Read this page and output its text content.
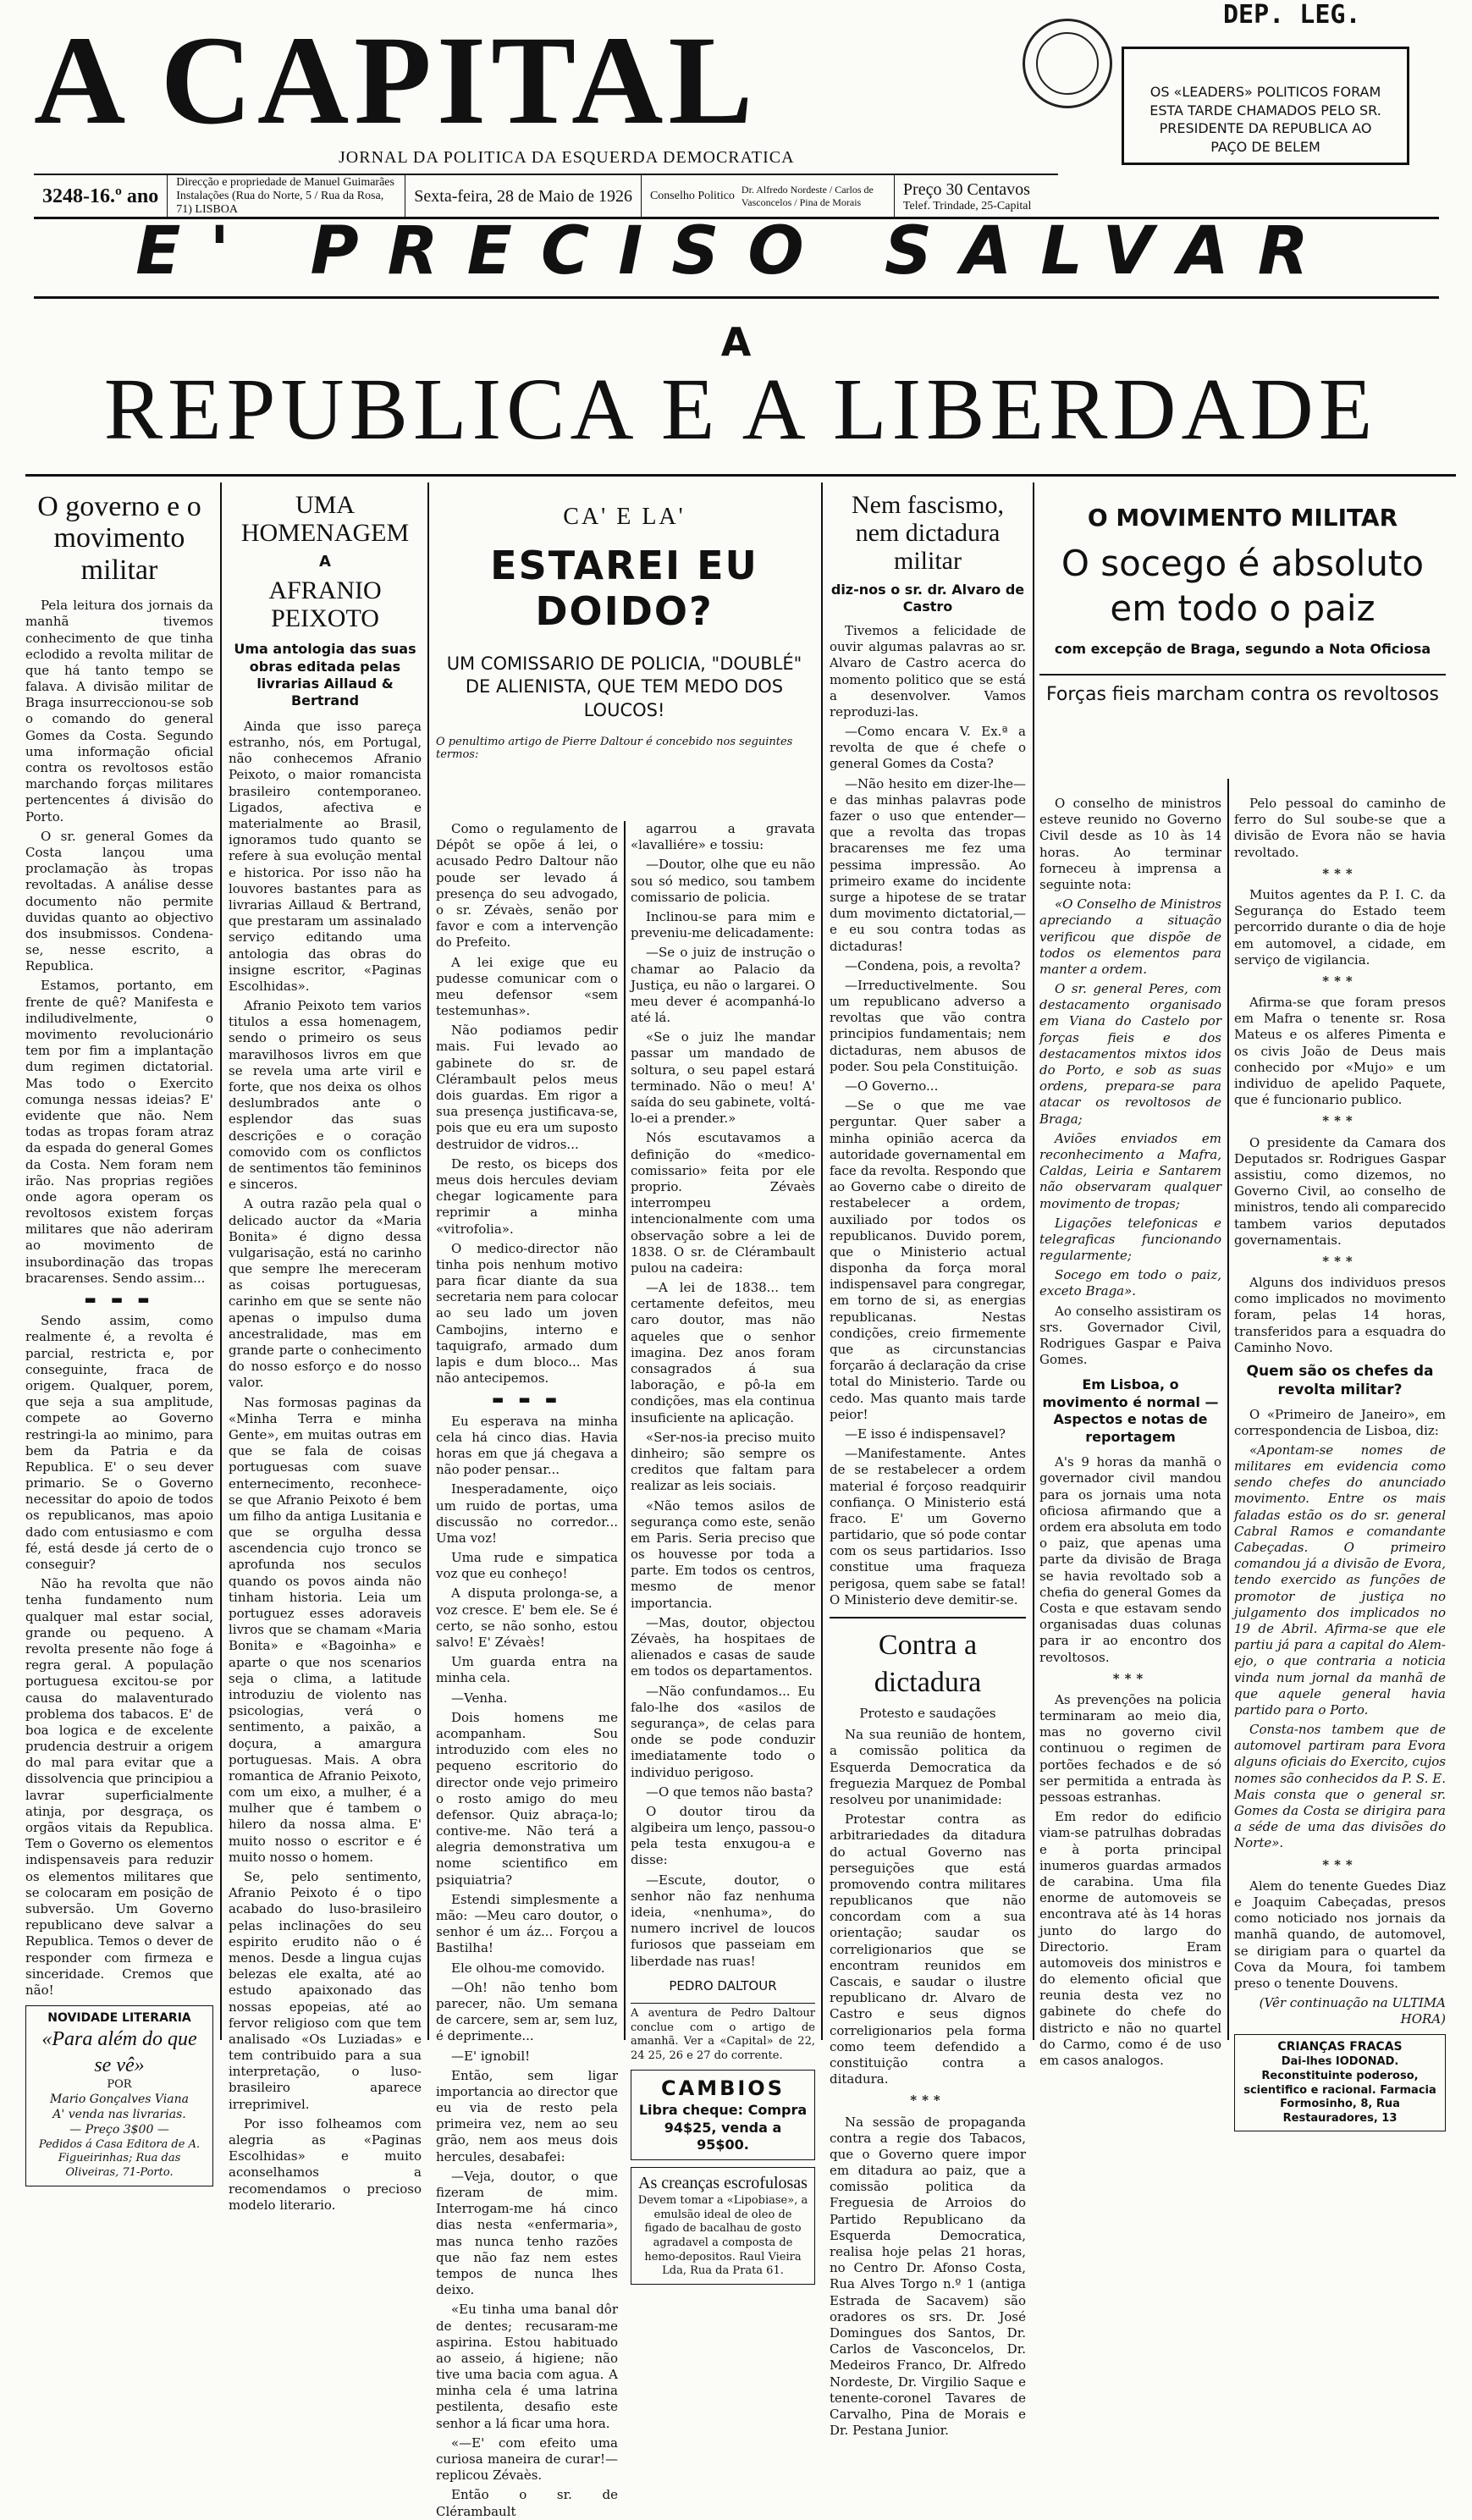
A CAPITAL	DEP. LEG.
OS «LEADERS» POLITICOS FORAM ESTA TARDE CHAMADOS PELO SR. PRESIDENTE DA REPUBLICA AO PAÇO DE BELEM
JORNAL DA POLITICA DA ESQUERDA DEMOCRATICA
3248-16.º ano
Direcção e propriedade de Manuel Guimarães
Instalações (Rua do Norte, 5 / Rua da Rosa, 71) LISBOA
Sexta-feira, 28 de Maio de 1926	Conselho Politico Dr. Alfredo Nordeste / Carlos de Vasconcelos / Pina de Morais
Preço 30 Centavos
Telef. Trindade, 25-Capital
E' PRECISO SALVAR
A
REPUBLICA E A LIBERDADE
O governo e o movimento militar

Pela leitura dos jornais da manhã tivemos conhecimento de que tinha eclodido a revolta militar de que há tanto tempo se falava. A divisão militar de Braga insurreccionou-se sob o comando do general Gomes da Costa. Segundo uma informação oficial contra os revoltosos estão marchando forças militares pertencentes á divisão do Porto.

O sr. general Gomes da Costa lançou uma proclamação às tropas revoltadas. A análise desse documento não permite duvidas quanto ao objectivo dos insubmissos. Condena-se, nesse escrito, a Republica.

Estamos, portanto, em frente de quê? Manifesta e indiludivelmente, o movimento revolucionário tem por fim a implantação dum regimen dictatorial. Mas todo o Exercito comunga nessas ideias? E' evidente que não. Nem todas as tropas foram atraz da espada do general Gomes da Costa. Nem foram nem irão. Nas proprias regiões onde agora operam os revoltosos existem forças militares que não aderiram ao movimento de insubordinação das tropas bracarenses. Sendo assim...

▬ ▬ ▬

Sendo assim, como realmente é, a revolta é parcial, restricta e, por conseguinte, fraca de origem. Qualquer, porem, que seja a sua amplitude, compete ao Governo restringi-la ao minimo, para bem da Patria e da Republica. E' o seu dever primario. Se o Governo necessitar do apoio de todos os republicanos, mas apoio dado com entusiasmo e com fé, está desde já certo de o conseguir?

Não ha revolta que não tenha fundamento num qualquer mal estar social, grande ou pequeno. A revolta presente não foge á regra geral. A população portuguesa excitou-se por causa do malaventurado problema dos tabacos. E' de boa logica e de excelente prudencia destruir a origem do mal para evitar que a dissolvencia que principiou a lavrar superficialmente atinja, por desgraça, os orgãos vitais da Republica. Tem o Governo os elementos indispensaveis para reduzir os elementos militares que se colocaram em posição de subversão. Um Governo republicano deve salvar a Republica. Temos o dever de responder com firmeza e sinceridade. Cremos que não!

NOVIDADE LITERARIA
«Para além do que se vê»
POR
Mario Gonçalves Viana
A' venda nas livrarias.
— Preço 3$00 —
Pedidos á Casa Editora de A. Figueirinhas; Rua das Oliveiras, 71-Porto.
UMA HOMENAGEM
A
AFRANIO PEIXOTO
Uma antologia das suas obras editada pelas livrarias Aillaud & Bertrand

Ainda que isso pareça estranho, nós, em Portugal, não conhecemos Afranio Peixoto, o maior romancista brasileiro contemporaneo. Ligados, afectiva e materialmente ao Brasil, ignoramos tudo quanto se refere à sua evolução mental e historica. Por isso não ha louvores bastantes para as livrarias Aillaud & Bertrand, que prestaram um assinalado serviço editando uma antologia das obras do insigne escritor, «Paginas Escolhidas».

Afranio Peixoto tem varios titulos a essa homenagem, sendo o primeiro os seus maravilhosos livros em que se revela uma arte viril e forte, que nos deixa os olhos deslumbrados ante o esplendor das suas descrições e o coração comovido com os conflictos de sentimentos tão femininos e sinceros.

A outra razão pela qual o delicado auctor da «Maria Bonita» é digno dessa vulgarisação, está no carinho que sempre lhe mereceram as coisas portuguesas, carinho em que se sente não apenas o impulso duma ancestralidade, mas em grande parte o conhecimento do nosso esforço e do nosso valor.

Nas formosas paginas da «Minha Terra e minha Gente», em muitas outras em que se fala de coisas portuguesas com suave enternecimento, reconhece-se que Afranio Peixoto é bem um filho da antiga Lusitania e que se orgulha dessa ascendencia cujo tronco se aprofunda nos seculos quando os povos ainda não tinham historia. Leia um portuguez esses adoraveis livros que se chamam «Maria Bonita» e «Bagoinha» e aparte o que nos scenarios seja o clima, a latitude introduziu de violento nas psicologias, verá o sentimento, a paixão, a doçura, a amargura portuguesas. Mais. A obra romantica de Afranio Peixoto, com um eixo, a mulher, é a mulher que é tambem o hilero da nossa alma. E' muito nosso o escritor e é muito nosso o homem.

Se, pelo sentimento, Afranio Peixoto é o tipo acabado do luso-brasileiro pelas inclinações do seu espirito erudito não o é menos. Desde a lingua cujas belezas ele exalta, até ao estudo apaixonado das nossas epopeias, até ao fervor religioso com que tem analisado «Os Luziadas» e tem contribuido para a sua interpretação, o luso-brasileiro aparece irreprimivel.

Por isso folheamos com alegria as «Paginas Escolhidas» e muito aconselhamos a recomendamos o precioso modelo literario.

CA' E LA'
ESTAREI EU DOIDO?
UM COMISSARIO DE POLICIA, "DOUBLÉ" DE ALIENISTA, QUE TEM MEDO DOS LOUCOS!
O penultimo artigo de Pierre Daltour é concebido nos seguintes termos:

Como o regulamento de Dépôt se opõe á lei, o acusado Pedro Daltour não poude ser levado á presença do seu advogado, o sr. Zévaès, senão por favor e com a intervenção do Prefeito.

A lei exige que eu pudesse comunicar com o meu defensor «sem testemunhas».

Não podiamos pedir mais. Fui levado ao gabinete do sr. de Clérambault pelos meus dois guardas. Em rigor a sua presença justificava-se, pois que eu era um suposto destruidor de vidros...

De resto, os biceps dos meus dois hercules deviam chegar logicamente para reprimir a minha «vitrofolia».

O medico-director não tinha pois nenhum motivo para ficar diante da sua secretaria nem para colocar ao seu lado um joven Cambojins, interno e taquigrafo, armado dum lapis e dum bloco... Mas não antecipemos.

▬ ▬ ▬

Eu esperava na minha cela há cinco dias. Havia horas em que já chegava a não poder pensar...

Inesperadamente, oiço um ruido de portas, uma discussão no corredor... Uma voz!

Uma rude e simpatica voz que eu conheço!

A disputa prolonga-se, a voz cresce. E' bem ele. Se é certo, se não sonho, estou salvo! E' Zévaès!

Um guarda entra na minha cela.

—Venha.

Dois homens me acompanham. Sou introduzido com eles no pequeno escritorio do director onde vejo primeiro o rosto amigo do meu defensor. Quiz abraça-lo; contive-me. Não terá a alegria demonstrativa um nome scientifico em psiquiatria?

Estendi simplesmente a mão: —Meu caro doutor, o senhor é um áz... Forçou a Bastilha!

Ele olhou-me comovido.

—Oh! não tenho bom parecer, não. Um semana de carcere, sem ar, sem luz, é deprimente...

—E' ignobil!

Então, sem ligar importancia ao director que eu via de resto pela primeira vez, nem ao seu grão, nem aos meus dois hercules, desabafei:

—Veja, doutor, o que fizeram de mim. Interrogam-me há cinco dias nesta «enfermaria», mas nunca tenho razões que não faz nem estes tempos de nunca lhes deixo.

«Eu tinha uma banal dôr de dentes; recusaram-me aspirina. Estou habituado ao asseio, á higiene; não tive uma bacia com agua. A minha cela é uma latrina pestilenta, desafio este senhor a lá ficar uma hora.

«—E' com efeito uma curiosa maneira de curar!—replicou Zévaès.

Então o sr. de Clérambault

agarrou a gravata «lavalliére» e tossiu:

—Doutor, olhe que eu não sou só medico, sou tambem comissario de policia.

Inclinou-se para mim e preveniu-me delicadamente:

—Se o juiz de instrução o chamar ao Palacio da Justiça, eu não o largarei. O meu dever é acompanhá-lo até lá.

«Se o juiz lhe mandar passar um mandado de soltura, o seu papel estará terminado. Não o meu! A' saída do seu gabinete, voltá-lo-ei a prender.»

Nós escutavamos a definição do «medico-comissario» feita por ele proprio. Zévaès interrompeu intencionalmente com uma observação sobre a lei de 1838. O sr. de Clérambault pulou na cadeira:

—A lei de 1838... tem certamente defeitos, meu caro doutor, mas não aqueles que o senhor imagina. Dez anos foram consagrados á sua laboração, e pô-la em condições, mas ela continua insuficiente na aplicação.

«Ser-nos-ia preciso muito dinheiro; são sempre os creditos que faltam para realizar as leis sociais.

«Não temos asilos de segurança como este, senão em Paris. Seria preciso que os houvesse por toda a parte. Em todos os centros, mesmo de menor importancia.

—Mas, doutor, objectou Zévaès, ha hospitaes de alienados e casas de saude em todos os departamentos.

—Não confundamos... Eu falo-lhe dos «asilos de segurança», de celas para onde se pode conduzir imediatamente todo o individuo perigoso.

—O que temos não basta?

O doutor tirou da algibeira um lenço, passou-o pela testa enxugou-a e disse:

—Escute, doutor, o senhor não faz nenhuma ideia, «nenhuma», do numero incrivel de loucos furiosos que passeiam em liberdade nas ruas!

PEDRO DALTOUR
A aventura de Pedro Daltour conclue com o artigo de amanhã. Ver a «Capital» de 22, 24 25, 26 e 27 do corrente.
CAMBIOS
Libra cheque: Compra
94$25, venda a 95$00.
As creanças escrofulosas
Devem tomar a «Lipobiase», a emulsão ideal de oleo de figado de bacalhau de gosto agradavel a composta de hemo-depositos. Raul Vieira Lda, Rua da Prata 61.
Nem fascismo, nem dictadura militar
diz-nos o sr. dr. Alvaro de Castro

Tivemos a felicidade de ouvir algumas palavras ao sr. Alvaro de Castro acerca do momento politico que se está a desenvolver. Vamos reproduzi-las.

—Como encara V. Ex.ª a revolta de que é chefe o general Gomes da Costa?

—Não hesito em dizer-lhe—e das minhas palavras pode fazer o uso que entender—que a revolta das tropas bracarenses me fez uma pessima impressão. Ao primeiro exame do incidente surge a hipotese de se tratar dum movimento dictatorial,—e eu sou contra todas as dictaduras!

—Condena, pois, a revolta?

—Irreductivelmente. Sou um republicano adverso a revoltas que vão contra principios fundamentais; nem dictaduras, nem abusos de poder. Sou pela Constituição.

—O Governo...

—Se o que me vae perguntar. Quer saber a minha opinião acerca da autoridade governamental em face da revolta. Respondo que ao Governo cabe o direito de restabelecer a ordem, auxiliado por todos os republicanos. Duvido porem, que o Ministerio actual disponha da força moral indispensavel para congregar, em torno de si, as energias republicanas. Nestas condições, creio firmemente que as circunstancias forçarão á declaração da crise total do Ministerio. Tarde ou cedo. Mas quanto mais tarde peior!

—E isso é indispensavel?

—Manifestamente. Antes de se restabelecer a ordem material é forçoso readquirir confiança. O Ministerio está fraco. E' um Governo partidario, que só pode contar com os seus partidarios. Isso constitue uma fraqueza perigosa, quem sabe se fatal! O Ministerio deve demitir-se.

Contra a dictadura
Protesto e saudações

Na sua reunião de hontem, a comissão politica da Esquerda Democratica da freguezia Marquez de Pombal resolveu por unanimidade:

Protestar contra as arbitrariedades da ditadura do actual Governo nas perseguições que está promovendo contra militares republicanos que não concordam com a sua orientação; saudar os correligionarios que se encontram reunidos em Cascais, e saudar o ilustre republicano dr. Alvaro de Castro e seus dignos correligionarios pela forma como teem defendido a constituição contra a ditadura.

***

Na sessão de propaganda contra a regie dos Tabacos, que o Governo quere impor em ditadura ao paiz, que a comissão politica da Freguesia de Arroios do Partido Republicano da Esquerda Democratica, realisa hoje pelas 21 horas, no Centro Dr. Afonso Costa, Rua Alves Torgo n.º 1 (antiga Estrada de Sacavem) são oradores os srs. Dr. José Domingues dos Santos, Dr. Carlos de Vasconcelos, Dr. Medeiros Franco, Dr. Alfredo Nordeste, Dr. Virgilio Saque e tenente-coronel Tavares de Carvalho, Pina de Morais e Dr. Pestana Junior.

O MOVIMENTO MILITAR
O socego é absoluto em todo o paiz
com excepção de Braga, segundo a Nota Oficiosa
Forças fieis marcham contra os revoltosos

O conselho de ministros esteve reunido no Governo Civil desde as 10 às 14 horas. Ao terminar forneceu à imprensa a seguinte nota:

«O Conselho de Ministros apreciando a situação verificou que dispõe de todos os elementos para manter a ordem.

O sr. general Peres, com destacamento organisado em Viana do Castelo por forças fieis e dos destacamentos mixtos idos do Porto, e sob as suas ordens, prepara-se para atacar os revoltosos de Braga;

Aviões enviados em reconhecimento a Mafra, Caldas, Leiria e Santarem não observaram qualquer movimento de tropas;

Ligações telefonicas e telegraficas funcionando regularmente;

Socego em todo o paiz, exceto Braga».

Ao conselho assistiram os srs. Governador Civil, Rodrigues Gaspar e Paiva Gomes.

Em Lisboa, o movimento é normal — Aspectos e notas de reportagem

A's 9 horas da manhã o governador civil mandou para os jornais uma nota oficiosa afirmando que a ordem era absoluta em todo o paiz, que apenas uma parte da divisão de Braga se havia revoltado sob a chefia do general Gomes da Costa e que estavam sendo organisadas duas colunas para ir ao encontro dos revoltosos.

***

As prevenções na policia terminaram ao meio dia, mas no governo civil continuou o regimen de portões fechados e de só ser permitida a entrada às pessoas estranhas.

Em redor do edificio viam-se patrulhas dobradas e à porta principal inumeros guardas armados de carabina. Uma fila enorme de automoveis se encontrava até às 14 horas junto do largo do Directorio. Eram automoveis dos ministros e do elemento oficial que reunia desta vez no gabinete do chefe do districto e não no quartel do Carmo, como é de uso em casos analogos.

Pelo pessoal do caminho de ferro do Sul soube-se que a divisão de Evora não se havia revoltado.

***

Muitos agentes da P. I. C. da Segurança do Estado teem percorrido durante o dia de hoje em automovel, a cidade, em serviço de vigilancia.

***

Afirma-se que foram presos em Mafra o tenente sr. Rosa Mateus e os alferes Pimenta e os civis João de Deus mais conhecido por «Mujo» e um individuo de apelido Paquete, que é funcionario publico.

***

O presidente da Camara dos Deputados sr. Rodrigues Gaspar assistiu, como dizemos, no Governo Civil, ao conselho de ministros, tendo ali comparecido tambem varios deputados governamentais.

***

Alguns dos individuos presos como implicados no movimento foram, pelas 14 horas, transferidos para a esquadra do Caminho Novo.

Quem são os chefes da revolta militar?

O «Primeiro de Janeiro», em correspondencia de Lisboa, diz:

«Apontam-se nomes de militares em evidencia como sendo chefes do anunciado movimento. Entre os mais faladas estão os do sr. general Cabral Ramos e comandante Cabeçadas. O primeiro comandou já a divisão de Evora, tendo exercido as funções de promotor de justiça no julgamento dos implicados no 19 de Abril. Afirma-se que ele partiu já para a capital do Alem-ejo, o que contraria a noticia vinda num jornal da manhã de que aquele general havia partido para o Porto.

Consta-nos tambem que de automovel partiram para Evora alguns oficiais do Exercito, cujos nomes são conhecidos da P. S. E. Mais consta que o general sr. Gomes da Costa se dirigira para a séde de uma das divisões do Norte».

***

Alem do tenente Guedes Diaz e Joaquim Cabeçadas, presos como noticiado nos jornais da manhã quando, de automovel, se dirigiam para o quartel da Cova da Moura, foi tambem preso o tenente Douvens.

(Vêr continuação na ULTIMA HORA)
CRIANÇAS FRACAS
Dai-lhes IODONAD. Reconstituinte poderoso, scientifico e racional. Farmacia Formosinho, 8, Rua Restauradores, 13
